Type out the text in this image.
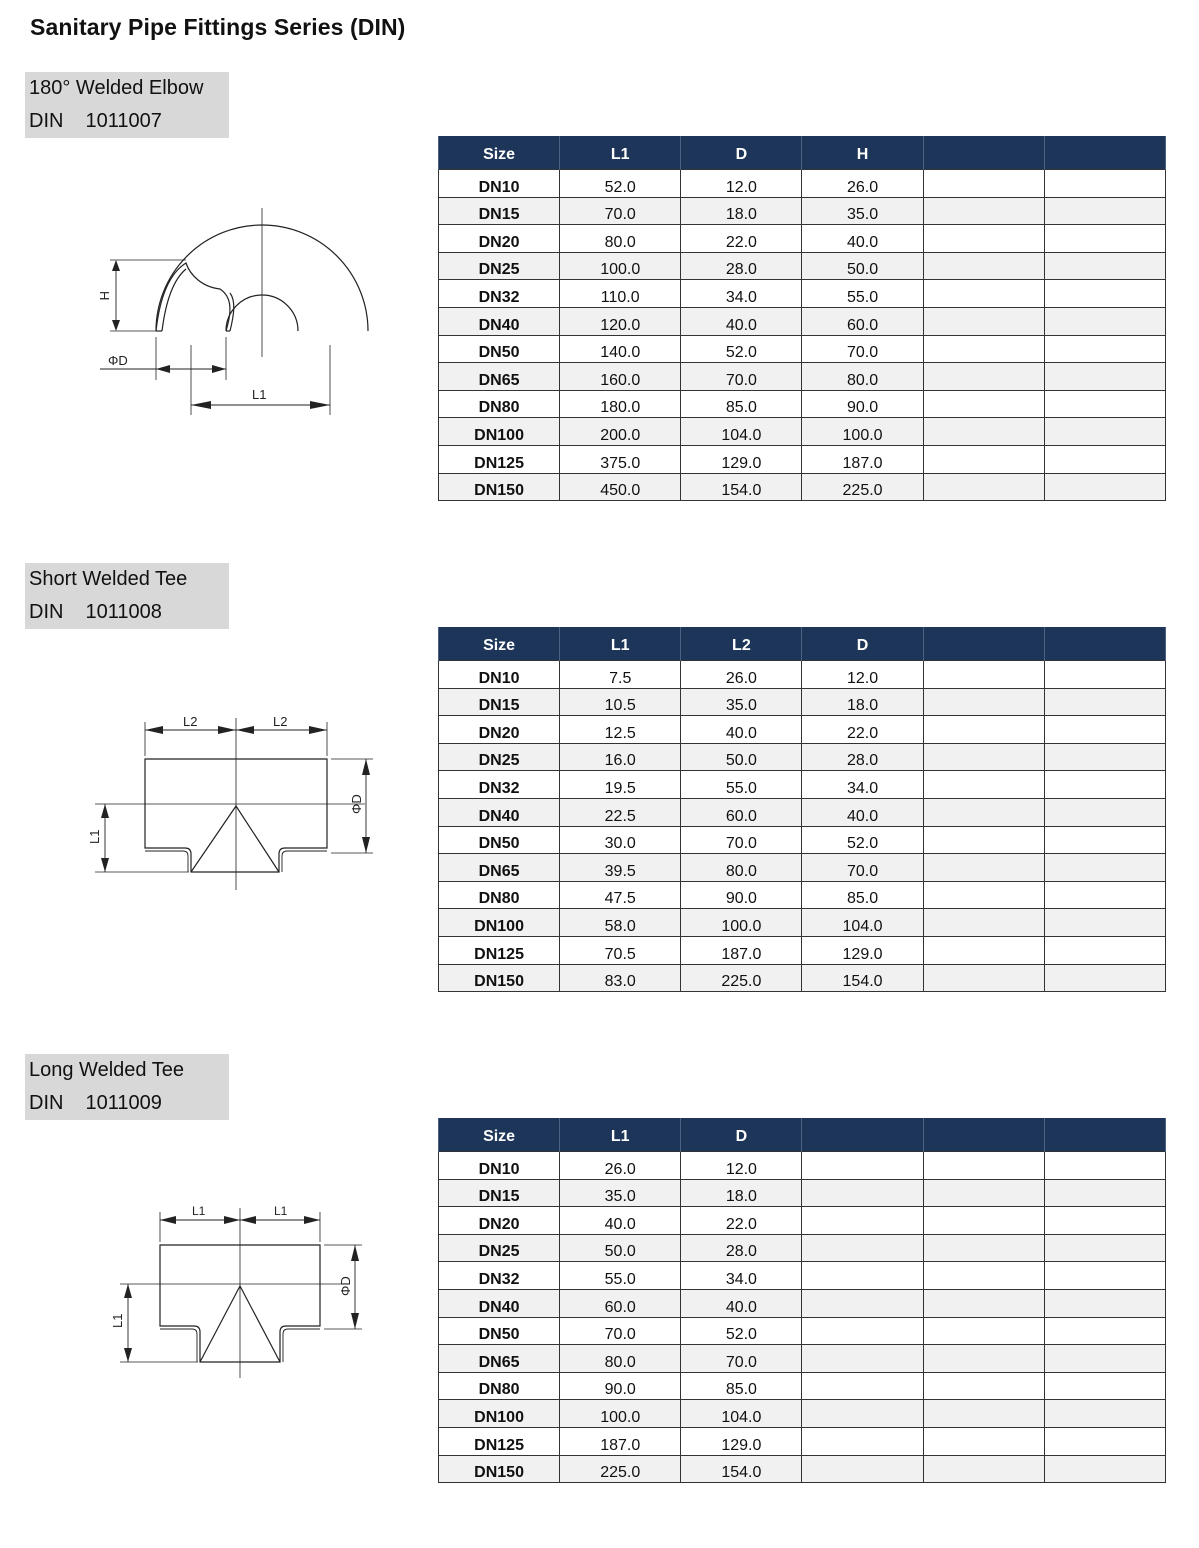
Sanitary Pipe Fittings Series (DIN)
180° Welded Elbow
DIN 1011007
H
ΦD
L1
Size	L1	D	H		
DN10	52.0	12.0	26.0		
DN15	70.0	18.0	35.0		
DN20	80.0	22.0	40.0		
DN25	100.0	28.0	50.0		
DN32	110.0	34.0	55.0		
DN40	120.0	40.0	60.0		
DN50	140.0	52.0	70.0		
DN65	160.0	70.0	80.0		
DN80	180.0	85.0	90.0		
DN100	200.0	104.0	100.0		
DN125	375.0	129.0	187.0		
DN150	450.0	154.0	225.0		
Short Welded Tee
DIN 1011008
L2	L2
ΦD
L1
Size	L1	L2	D		
DN10	7.5	26.0	12.0		
DN15	10.5	35.0	18.0		
DN20	12.5	40.0	22.0		
DN25	16.0	50.0	28.0		
DN32	19.5	55.0	34.0		
DN40	22.5	60.0	40.0		
DN50	30.0	70.0	52.0		
DN65	39.5	80.0	70.0		
DN80	47.5	90.0	85.0		
DN100	58.0	100.0	104.0		
DN125	70.5	187.0	129.0		
DN150	83.0	225.0	154.0		
Long Welded Tee
DIN 1011009
L1	L1
ΦD
L1
Size	L1	D			
DN10	26.0	12.0			
DN15	35.0	18.0			
DN20	40.0	22.0			
DN25	50.0	28.0			
DN32	55.0	34.0			
DN40	60.0	40.0			
DN50	70.0	52.0			
DN65	80.0	70.0			
DN80	90.0	85.0			
DN100	100.0	104.0			
DN125	187.0	129.0			
DN150	225.0	154.0			
